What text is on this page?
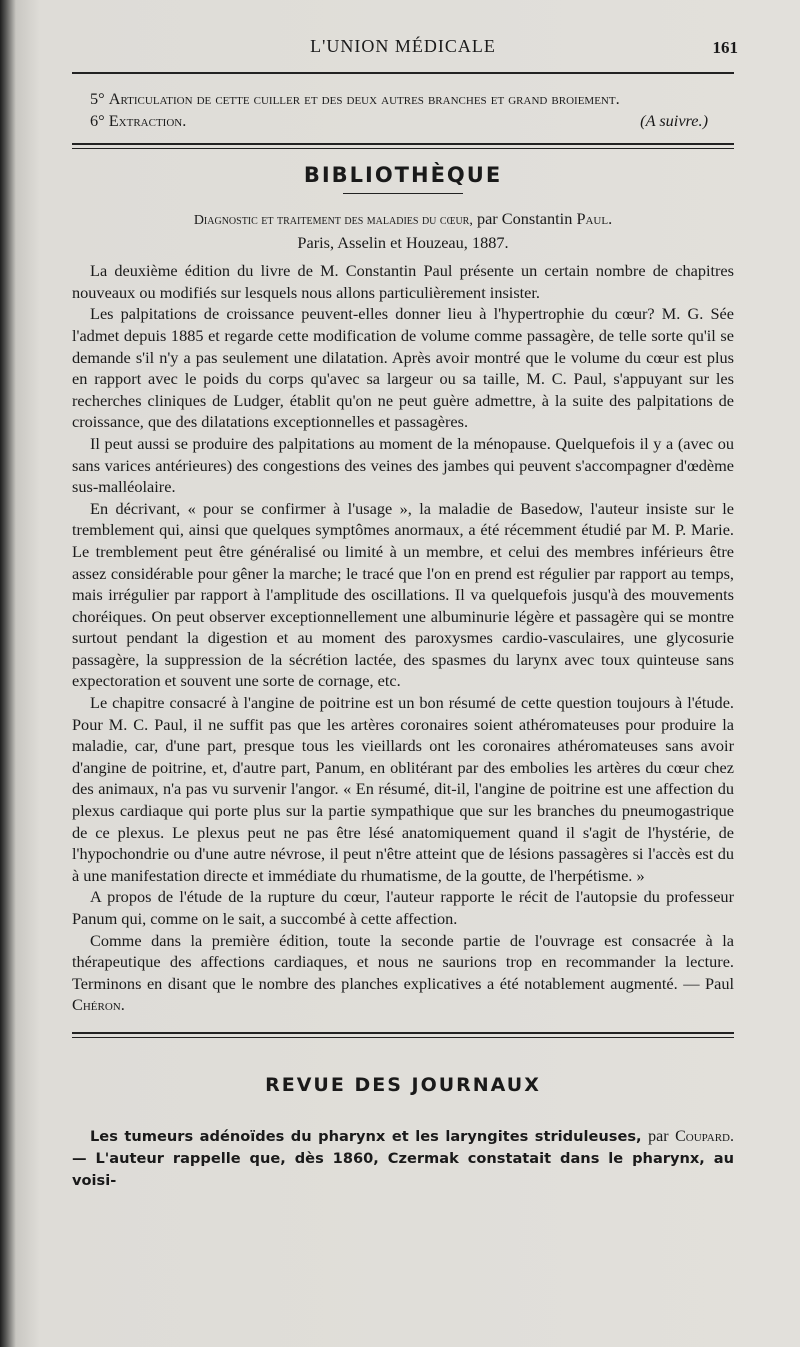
L'UNION MÉDICALE	161

5° Articulation de cette cuiller et des deux autres branches et grand broiement.

6° Extraction.	(A suivre.)

BIBLIOTHÈQUE
Diagnostic et traitement des maladies du cœur, par Constantin Paul.
Paris, Asselin et Houzeau, 1887.

La deuxième édition du livre de M. Constantin Paul présente un certain nombre de chapitres nouveaux ou modifiés sur lesquels nous allons particulièrement insister.

Les palpitations de croissance peuvent-elles donner lieu à l'hypertrophie du cœur? M. G. Sée l'admet depuis 1885 et regarde cette modification de volume comme passagère, de telle sorte qu'il se demande s'il n'y a pas seulement une dilatation. Après avoir montré que le volume du cœur est plus en rapport avec le poids du corps qu'avec sa largeur ou sa taille, M. C. Paul, s'appuyant sur les recherches cliniques de Ludger, établit qu'on ne peut guère admettre, à la suite des palpitations de croissance, que des dilatations exceptionnelles et passagères.

Il peut aussi se produire des palpitations au moment de la ménopause. Quelquefois il y a (avec ou sans varices antérieures) des congestions des veines des jambes qui peuvent s'accompagner d'œdème sus-malléolaire.

En décrivant, « pour se confirmer à l'usage », la maladie de Basedow, l'auteur insiste sur le tremblement qui, ainsi que quelques symptômes anormaux, a été récemment étudié par M. P. Marie. Le tremblement peut être généralisé ou limité à un membre, et celui des membres inférieurs être assez considérable pour gêner la marche; le tracé que l'on en prend est régulier par rapport au temps, mais irrégulier par rapport à l'amplitude des oscillations. Il va quelquefois jusqu'à des mouvements choréiques. On peut observer exceptionnellement une albuminurie légère et passagère qui se montre surtout pendant la digestion et au moment des paroxysmes cardio-vasculaires, une glycosurie passagère, la suppression de la sécrétion lactée, des spasmes du larynx avec toux quinteuse sans expectoration et souvent une sorte de cornage, etc.

Le chapitre consacré à l'angine de poitrine est un bon résumé de cette question toujours à l'étude. Pour M. C. Paul, il ne suffit pas que les artères coronaires soient athéromateuses pour produire la maladie, car, d'une part, presque tous les vieillards ont les coronaires athéromateuses sans avoir d'angine de poitrine, et, d'autre part, Panum, en oblitérant par des embolies les artères du cœur chez des animaux, n'a pas vu survenir l'angor. « En résumé, dit-il, l'angine de poitrine est une affection du plexus cardiaque qui porte plus sur la partie sympathique que sur les branches du pneumogastrique de ce plexus. Le plexus peut ne pas être lésé anatomiquement quand il s'agit de l'hystérie, de l'hypochondrie ou d'une autre névrose, il peut n'être atteint que de lésions passagères si l'accès est du à une manifestation directe et immédiate du rhumatisme, de la goutte, de l'herpétisme. »

A propos de l'étude de la rupture du cœur, l'auteur rapporte le récit de l'autopsie du professeur Panum qui, comme on le sait, a succombé à cette affection.

Comme dans la première édition, toute la seconde partie de l'ouvrage est consacrée à la thérapeutique des affections cardiaques, et nous ne saurions trop en recommander la lecture. Terminons en disant que le nombre des planches explicatives a été notablement augmenté. — Paul Chéron.

REVUE DES JOURNAUX

Les tumeurs adénoïdes du pharynx et les laryngites striduleuses, par Coupard. — L'auteur rappelle que, dès 1860, Czermak constatait dans le pharynx, au voisi-
